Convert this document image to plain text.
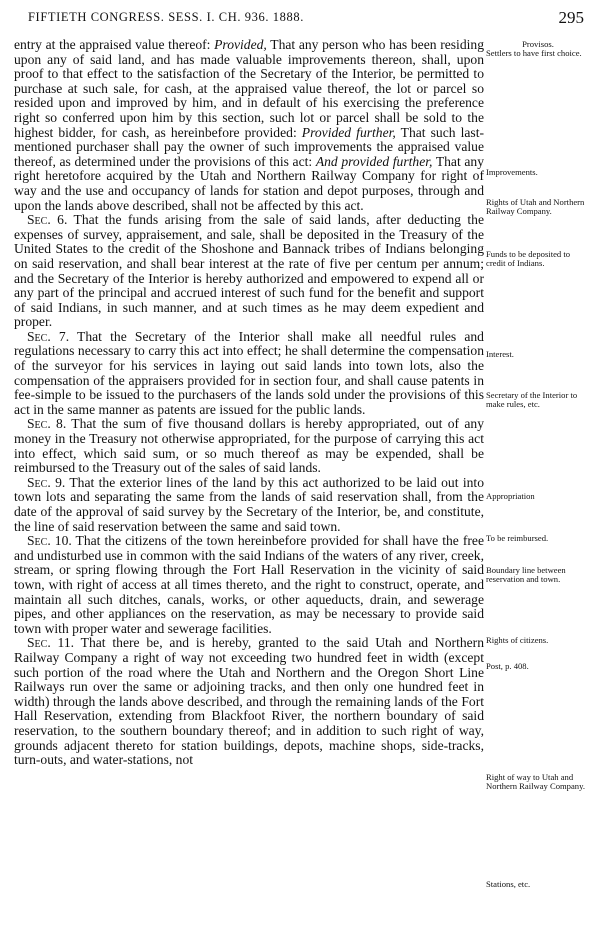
FIFTIETH CONGRESS. SESS. I. CH. 936. 1888.	295

entry at the appraised value thereof: Provided, That any person who has been residing upon any of said land, and has made valuable improvements thereon, shall, upon proof to that effect to the satisfaction of the Secretary of the Interior, be permitted to purchase at such sale, for cash, at the appraised value thereof, the lot or parcel so resided upon and improved by him, and in default of his exercising the preference right so conferred upon him by this section, such lot or parcel shall be sold to the highest bidder, for cash, as hereinbefore provided: Provided further, That such last-mentioned purchaser shall pay the owner of such improvements the appraised value thereof, as determined under the provisions of this act: And provided further, That any right heretofore acquired by the Utah and Northern Railway Company for right of way and the use and occupancy of lands for station and depot purposes, through and upon the lands above described, shall not be affected by this act.

Sec. 6. That the funds arising from the sale of said lands, after deducting the expenses of survey, appraisement, and sale, shall be deposited in the Treasury of the United States to the credit of the Shoshone and Bannack tribes of Indians belonging on said reservation, and shall bear interest at the rate of five per centum per annum; and the Secretary of the Interior is hereby authorized and empowered to expend all or any part of the principal and accrued interest of such fund for the benefit and support of said Indians, in such manner, and at such times as he may deem expedient and proper.

Sec. 7. That the Secretary of the Interior shall make all needful rules and regulations necessary to carry this act into effect; he shall determine the compensation of the surveyor for his services in laying out said lands into town lots, also the compensation of the appraisers provided for in section four, and shall cause patents in fee-simple to be issued to the purchasers of the lands sold under the provisions of this act in the same manner as patents are issued for the public lands.

Sec. 8. That the sum of five thousand dollars is hereby appropriated, out of any money in the Treasury not otherwise appropriated, for the purpose of carrying this act into effect, which said sum, or so much thereof as may be expended, shall be reimbursed to the Treasury out of the sales of said lands.

Sec. 9. That the exterior lines of the land by this act authorized to be laid out into town lots and separating the same from the lands of said reservation shall, from the date of the approval of said survey by the Secretary of the Interior, be, and constitute, the line of said reservation between the same and said town.

Sec. 10. That the citizens of the town hereinbefore provided for shall have the free and undisturbed use in common with the said Indians of the waters of any river, creek, stream, or spring flowing through the Fort Hall Reservation in the vicinity of said town, with right of access at all times thereto, and the right to construct, operate, and maintain all such ditches, canals, works, or other aqueducts, drain, and sewerage pipes, and other appliances on the reservation, as may be necessary to provide said town with proper water and sewerage facilities.

Sec. 11. That there be, and is hereby, granted to the said Utah and Northern Railway Company a right of way not exceeding two hundred feet in width (except such portion of the road where the Utah and Northern and the Oregon Short Line Railways run over the same or adjoining tracks, and then only one hundred feet in width) through the lands above described, and through the remaining lands of the Fort Hall Reservation, extending from Blackfoot River, the northern boundary of said reservation, to the southern boundary thereof; and in addition to such right of way, grounds adjacent thereto for station buildings, depots, machine shops, side-tracks, turn-outs, and water-stations, not

Provisos.
Settlers to have first choice.
Improvements.
Rights of Utah and Northern Railway Company.
Funds to be deposited to credit of Indians.
Interest.
Secretary of the Interior to make rules, etc.
Appropriation
To be reimbursed.
Boundary line between reservation and town.
Rights of citizens.
Post, p. 408.
Right of way to Utah and Northern Railway Company.
Stations, etc.
